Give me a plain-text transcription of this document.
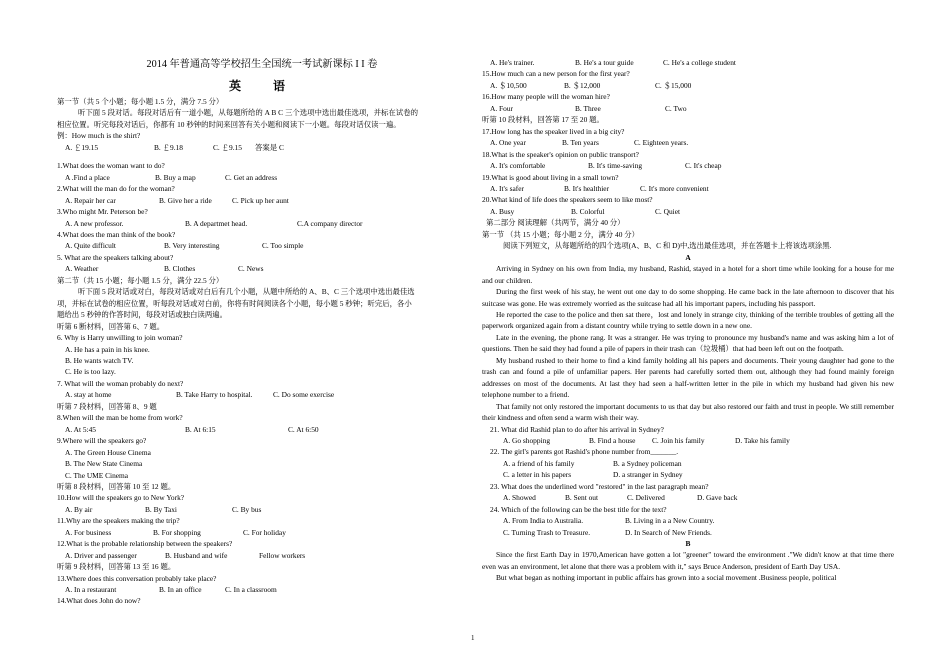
2014 年普通高等学校招生全国统一考试新课标 I I 卷
英　语
第一节（共 5 个小题；每小题 1.5 分，满分 7.5 分）
听下面 5 段对话。每段对话后有一道小题，从每题所给的 A B C 三个选项中选出最佳选项，并标在试卷的
相应位置。听完每段对话后，你都有 10 秒钟的时间来回答有关小题和阅读下一小题。每段对话仅读一遍。
例：How much is the shirt?
A. ￡19.15	B. ￡9.18	C. ￡9.15 答案是 C
1.What does the woman want to do?
A .Find a place	B. Buy a map	C. Get an address
2.What will the man do for the woman?
A. Repair her car	B. Give her a ride	C. Pick up her aunt
3.Who might Mr. Peterson be?
A. A new professor.	B. A departmet head.	C.A company director
4.What does the man think of the book?
A. Quite difficult	B. Very interesting	C. Too simple
5. What are the speakers talking about?
A. Weather	B. Clothes	C. News
第二节（共 15 小题；每小题 1.5 分，满分 22.5 分）
听下面 5 段对话或对白，每段对话或对白后有几个小题，从题中所给的 A、B、C 三个选项中选出最佳选
项，并标在试卷的相应位置，听每段对话或对白前，你将有时间阅读各个小题，每小题 5 秒钟；听完后，各小
题给出 5 秒钟的作答时间，每段对话或独白读两遍。
听第 6 断材料，回答第 6、7 题。
6. Why is Harry unwilling to join woman?
A. He has a pain in his knee.
B. He wants watch TV.
C. He is too lazy.
7. What will the woman probably do next?
A. stay at home	B. Take Harry to hospital.	C. Do some exercise
听第 7 段材料，回答第 8、9 题
8.When will the man be home from work?
A. At 5:45	B. At 6:15	C. At 6:50
9.Where will the speakers go?
A. The Green House Cinema
B. The New State Cinema
C. The UME Cinema
听第 8 段材料，回答第 10 至 12 题。
10.How will the speakers go to New York?
A. By air	B. By Taxi	C. By bus
11.Why are the speakers making the trip?
A. For business	B. For shopping	C. For holiday
12.What is the probable relationship between the speakers?
A. Driver and passenger	B. Husband and wife	Fellow workers
听第 9 段材料，回答第 13 至 16 题。
13.Where does this conversation probably take place?
A. In a restaurant	B. In an office	C. In a classroom
14.What does John do now?
A. He's trainer.	B. He's a tour guide	C. He's a college student
15.How much can a new person for the first year?
A. ＄10,500	B. ＄12,000	C. ＄15,000
16.How many people will the woman hire?
A. Four	B. Three	C. Two
听第 10 段材料，回答第 17 至 20 题。
17.How long has the speaker lived in a big city?
A. One year	B. Ten years	C. Eighteen years.
18.What is the speaker's opinion on public transport?
A. It's comfortable	B. It's time-saving	C. It's cheap
19.What is good about living in a small town?
A. It's safer	B. It's healthier	C. It's more convenient
20.What kind of life does the speakers seem to like most?
A. Busy	B. Colorful	C. Quiet
第二部分 阅读理解（共两节，满分 40 分）
第一节 （共 15 小题；每小题 2 分，满分 40 分）
阅读下列短文，从每题所给的四个选项(A、B、C 和 D)中,选出最佳选项，并在答题卡上将该选项涂黑.
A
Arriving in Sydney on his own from India, my husband, Rashid, stayed in a hotel for a short time while looking for a house for me and our children.
During the first week of his stay, he went out one day to do some shopping. He came back in the late afternoon to discover that his suitcase was gone. He was extremely worried as the suitcase had all his important papers, including his passport.
He reported the case to the police and then sat there，lost and lonely in strange city, thinking of the terrible troubles of getting all the paperwork organized again from a distant country while trying to settle down in a new one.
Late in the evening, the phone rang. It was a stranger. He was trying to pronounce my husband's name and was asking him a lot of questions. Then he said they had found a pile of papers in their trash can（垃圾桶）that had been left out on the footpath.
My husband rushed to their home to find a kind family holding all his papers and documents. Their young daughter had gone to the trash can and found a pile of unfamiliar papers. Her parents had carefully sorted them out, although they had found mainly foreign addresses on most of the documents. At last they had seen a half-written letter in the pile in which my husband had given his new telephone number to a friend.
That family not only restored the important documents to us that day but also restored our faith and trust in people. We still remember their kindness and often send a warm wish their way.
21. What did Rashid plan to do after his arrival in Sydney?
A. Go shopping	B. Find a house C. Join his family	D. Take his family
22. The girl's parents got Rashid's phone number from_______.
A. a friend of his family	B. a Sydney policeman
C. a letter in his papers	D. a stranger in Sydney
23. What does the underlined word "restored" in the last paragraph mean?
A. Showed	B. Sent out	C. Delivered	D. Gave back
24. Which of the following can be the best title for the text?
A. From India to Australia.	B. Living in a a New Country.
C. Turning Trash to Treasure.	D. In Search of New Friends.
B
Since the first Earth Day in 1970,American have gotten a lot "greener" toward the environment ."We didn't know at that time there even was an environment, let alone that there was a problem with it," says Bruce Anderson, president of Earth Day USA.
But what began as nothing important in public affairs has grown into a social movement .Business people, political
1
